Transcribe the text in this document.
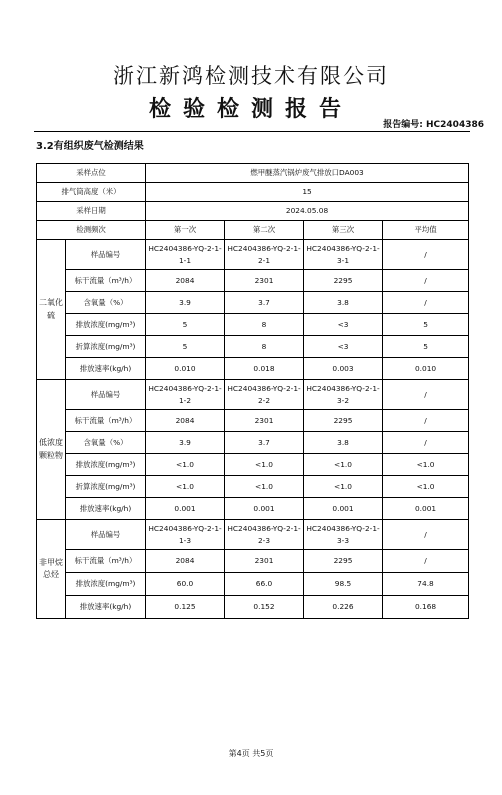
浙江新鸿检测技术有限公司
检验检测报告
报告编号: HC2404386
3.2有组织废气检测结果
采样点位		燃甲醚蒸汽锅炉废气排放口DA003			
排气筒高度（米）		15			
采样日期		2024.05.08			
检测频次		第一次	第二次	第三次	平均值
二氧化硫	样品编号	HC2404386-YQ-2-1-1-1	HC2404386-YQ-2-1-2-1	HC2404386-YQ-2-1-3-1	/
	标干流量（m³/h）	2084	2301	2295	/
	含氧量（%）	3.9	3.7	3.8	/
	排放浓度(mg/m³)	5	8	<3	5
	折算浓度(mg/m³)	5	8	<3	5
	排放速率(kg/h)	0.010	0.018	0.003	0.010
低浓度颗粒物	样品编号	HC2404386-YQ-2-1-1-2	HC2404386-YQ-2-1-2-2	HC2404386-YQ-2-1-3-2	/
	标干流量（m³/h）	2084	2301	2295	/
	含氧量（%）	3.9	3.7	3.8	/
	排放浓度(mg/m³)	<1.0	<1.0	<1.0	<1.0
	折算浓度(mg/m³)	<1.0	<1.0	<1.0	<1.0
	排放速率(kg/h)	0.001	0.001	0.001	0.001
非甲烷总烃	样品编号	HC2404386-YQ-2-1-1-3	HC2404386-YQ-2-1-2-3	HC2404386-YQ-2-1-3-3	/
	标干流量（m³/h）	2084	2301	2295	/
	排放浓度(mg/m³)	60.0	66.0	98.5	74.8
	排放速率(kg/h)	0.125	0.152	0.226	0.168
第4页 共5页
